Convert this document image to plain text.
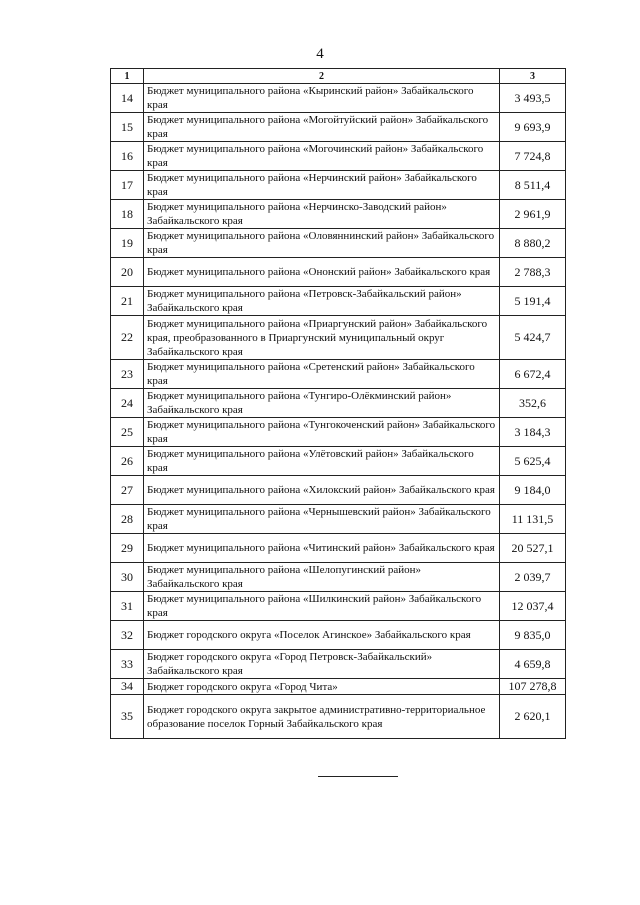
4
1	2	3
14	Бюджет муниципального района «Кыринский район» Забайкальского края	3 493,5
15	Бюджет муниципального района «Могойтуйский район» Забайкальского края	9 693,9
16	Бюджет муниципального района «Могочинский район» Забайкальского края	7 724,8
17	Бюджет муниципального района «Нерчинский район» Забайкальского края	8 511,4
18	Бюджет муниципального района «Нерчинско-Заводский район» Забайкальского края	2 961,9
19	Бюджет муниципального района «Оловяннинский район» Забайкальского края	8 880,2
20	Бюджет муниципального района «Ононский район» Забайкальского края	2 788,3
21	Бюджет муниципального района «Петровск-Забайкальский район» Забайкальского края	5 191,4
22	Бюджет муниципального района «Приаргунский район» Забайкальского края, преобразованного в Приаргунский муниципальный округ Забайкальского края	5 424,7
23	Бюджет муниципального района «Сретенский район» Забайкальского края	6 672,4
24	Бюджет муниципального района «Тунгиро-Олёкминский район» Забайкальского края	352,6
25	Бюджет муниципального района «Тунгокоченский район» Забайкальского края	3 184,3
26	Бюджет муниципального района «Улётовский район» Забайкальского края	5 625,4
27	Бюджет муниципального района «Хилокский район» Забайкальского края	9 184,0
28	Бюджет муниципального района «Чернышевский район» Забайкальского края	11 131,5
29	Бюджет муниципального района «Читинский район» Забайкальского края	20 527,1
30	Бюджет муниципального района «Шелопугинский район» Забайкальского края	2 039,7
31	Бюджет муниципального района «Шилкинский район» Забайкальского края	12 037,4
32	Бюджет городского округа «Поселок Агинское» Забайкальского края	9 835,0
33	Бюджет городского округа «Город Петровск-Забайкальский» Забайкальского края	4 659,8
34	Бюджет городского округа «Город Чита»	107 278,8
35	Бюджет городского округа закрытое административно-территориальное образование поселок Горный Забайкальского края	2 620,1
